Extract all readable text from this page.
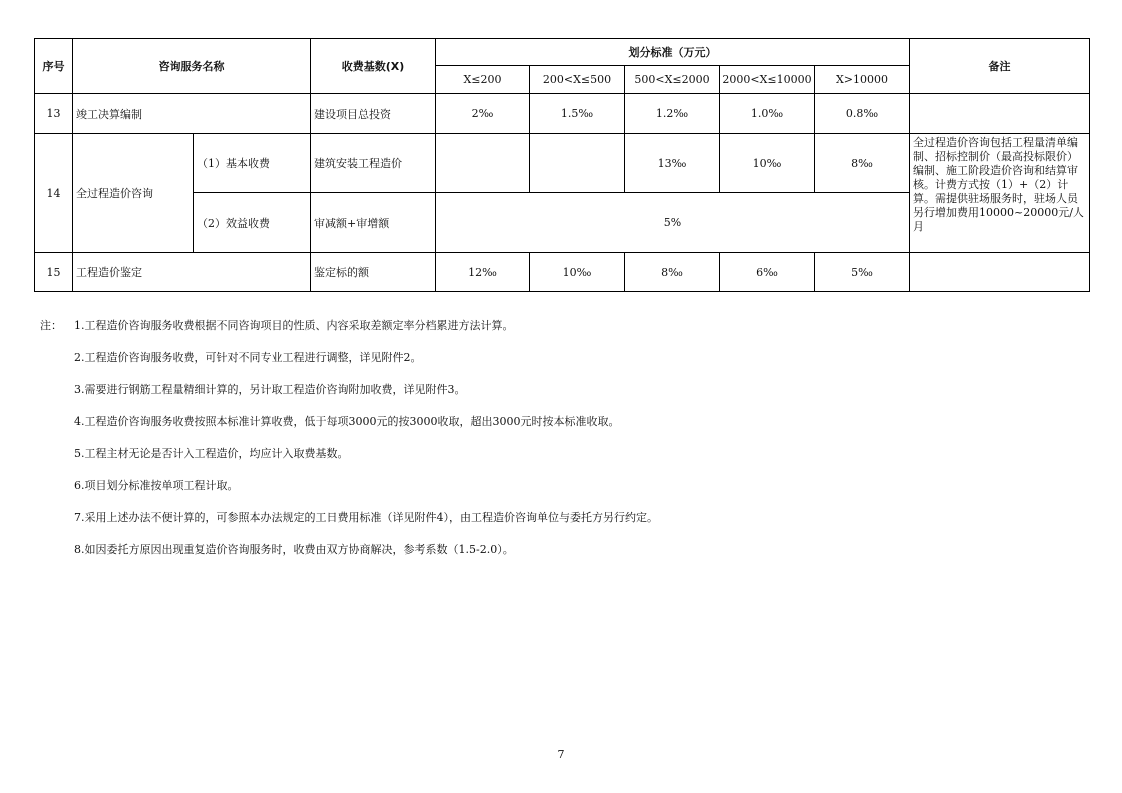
序号	咨询服务名称		收费基数(X)	划分标准（万元）					备注
				X≤200	200<X≤500	500<X≤2000	2000<X≤10000	X>10000	
13	竣工决算编制		建设项目总投资	2‰	1.5‰	1.2‰	1.0‰	0.8‰	
14	全过程造价咨询	（1）基本收费	建筑安装工程造价			13‰	10‰	8‰	全过程造价咨询包括工程量清单编制、招标控制价（最高投标限价）编制、施工阶段造价咨询和结算审核。计费方式按（1）+（2）计算。需提供驻场服务时，驻场人员另行增加费用10000~20000元/人月
		（2）效益收费	审减额+审增额	5%					
15	工程造价鉴定		鉴定标的额	12‰	10‰	8‰	6‰	5‰	
注：	1.工程造价咨询服务收费根据不同咨询项目的性质、内容采取差额定率分档累进方法计算。
2.工程造价咨询服务收费，可针对不同专业工程进行调整，详见附件2。
3.需要进行钢筋工程量精细计算的，另计取工程造价咨询附加收费，详见附件3。
4.工程造价咨询服务收费按照本标准计算收费，低于每项3000元的按3000收取，超出3000元时按本标准收取。
5.工程主材无论是否计入工程造价，均应计入取费基数。
6.项目划分标准按单项工程计取。
7.采用上述办法不便计算的，可参照本办法规定的工日费用标准（详见附件4），由工程造价咨询单位与委托方另行约定。
8.如因委托方原因出现重复造价咨询服务时，收费由双方协商解决，参考系数（1.5-2.0）。
7
